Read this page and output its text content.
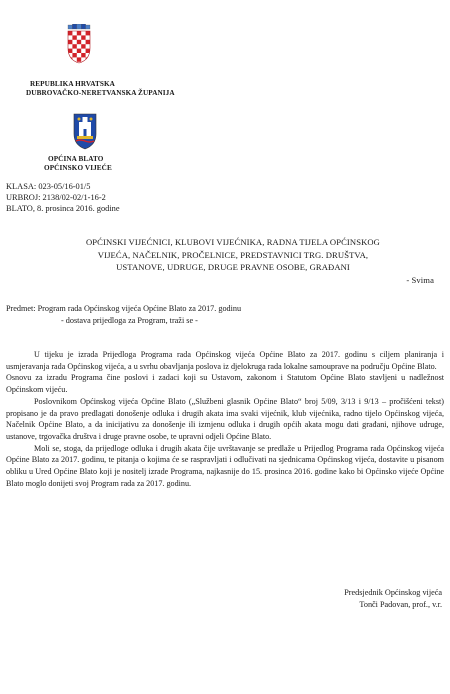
REPUBLIKA HRVATSKA
DUBROVAČKO-NERETVANSKA ŽUPANIJA
OPĆINA BLATO
OPĆINSKO VIJEĆE
KLASA: 023-05/16-01/5
URBROJ: 2138/02-02/1-16-2
BLATO, 8. prosinca 2016. godine
OPĆINSKI VIJEĆNICI, KLUBOVI VIJEĆNIKA, RADNA TIJELA OPĆINSKOG
VIJEĆA, NAČELNIK, PROČELNICE, PREDSTAVNICI TRG. DRUŠTVA,
USTANOVE, UDRUGE, DRUGE PRAVNE OSOBE, GRAĐANI
- Svima
Predmet: Program rada Općinskog vijeća Općine Blato za 2017. godinu
- dostava prijedloga za Program, traži se -

U tijeku je izrada Prijedloga Programa rada Općinskog vijeća Općine Blato za 2017. godinu s ciljem planiranja i usmjeravanja rada Općinskog vijeća, a u svrhu obavljanja poslova iz djelokruga rada lokalne samouprave na području Općine Blato.

Osnovu za izradu Programa čine poslovi i zadaci koji su Ustavom, zakonom i Statutom Općine Blato stavljeni u nadležnost Općinskom vijeću.

Poslovnikom Općinskog vijeća Općine Blato („Službeni glasnik Općine Blato“ broj 5/09, 3/13 i 9/13 – pročišćeni tekst) propisano je da pravo predlagati donošenje odluka i drugih akata ima svaki vijećnik, klub vijećnika, radno tijelo Općinskog vijeća, Načelnik Općine Blato, a da inicijativu za donošenje ili izmjenu odluka i drugih općih akata mogu dati građani, njihove udruge, ustanove, trgovačka društva i druge pravne osobe, te upravni odjeli Općine Blato.

Moli se, stoga, da prijedloge odluka i drugih akata čije uvrštavanje se predlaže u Prijedlog Programa rada Općinskog vijeća Općine Blato za 2017. godinu, te pitanja o kojima će se raspravljati i odlučivati na sjednicama Općinskog vijeća, dostavite u pisanom obliku u Ured Općine Blato koji je nositelj izrade Programa, najkasnije do 15. prosinca 2016. godine kako bi Općinsko vijeće Općine Blato moglo donijeti svoj Program rada za 2017. godinu.

Predsjednik Općinskog vijeća
Tonči Padovan, prof., v.r.
